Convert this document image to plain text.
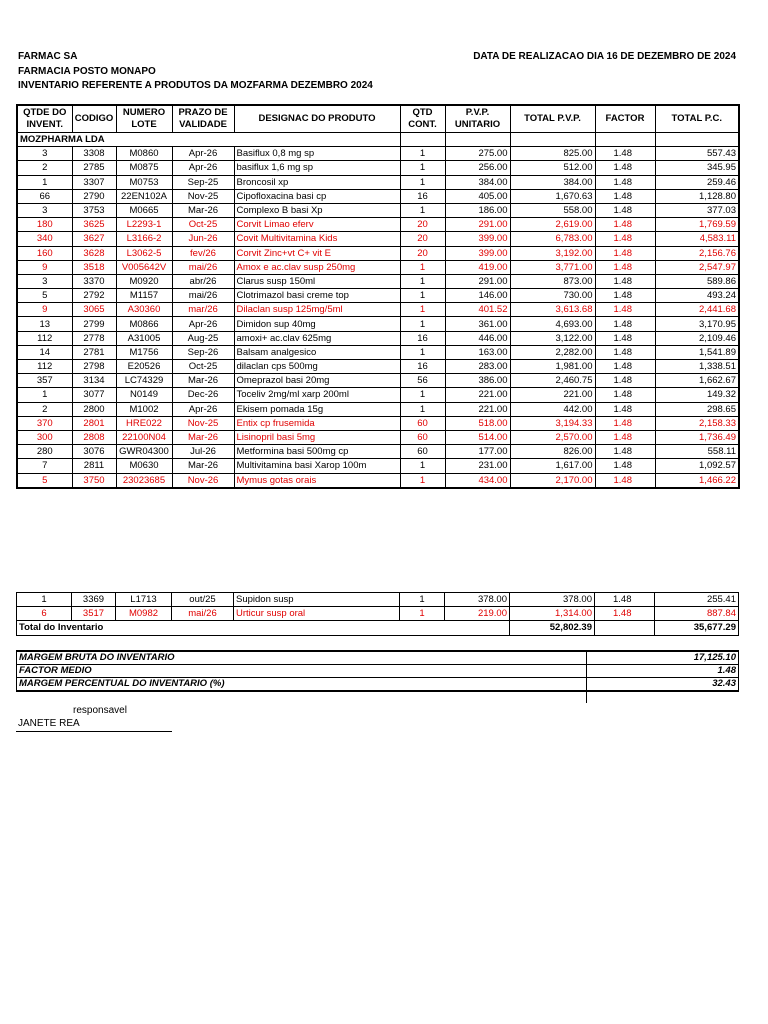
FARMAC SA
FARMACIA POSTO MONAPO
INVENTARIO REFERENTE A PRODUTOS DA MOZFARMA DEZEMBRO 2024
DATA DE REALIZACAO DIA 16 DE DEZEMBRO DE 2024
QTDE DO INVENT.	CODIGO	NUMERO LOTE	PRAZO DE VALIDADE	DESIGNAC DO PRODUTO	QTD CONT.	P.V.P. UNITARIO	TOTAL P.V.P.	FACTOR	TOTAL P.C.
MOZPHARMA LDA									
3	3308	M0860	Apr-26	Basiflux 0,8 mg sp	1	275.00	825.00	1.48	557.43
2	2785	M0875	Apr-26	basiflux 1,6 mg sp	1	256.00	512.00	1.48	345.95
1	3307	M0753	Sep-25	Broncosil xp	1	384.00	384.00	1.48	259.46
66	2790	22EN102A	Nov-25	Cipofloxacina basi cp	16	405.00	1,670.63	1.48	1,128.80
3	3753	M0665	Mar-26	Complexo B basi Xp	1	186.00	558.00	1.48	377.03
180	3625	L2293-1	Oct-25	Corvit Limao eferv	20	291.00	2,619.00	1.48	1,769.59
340	3627	L3166-2	Jun-26	Covit Multivitamina Kids	20	399.00	6,783.00	1.48	4,583.11
160	3628	L3062-5	fev/26	Corvit Zinc+vt C+ vit E	20	399.00	3,192.00	1.48	2,156.76
9	3518	V005642V	mai/26	Amox e ac.clav susp 250mg	1	419.00	3,771.00	1.48	2,547.97
3	3370	M0920	abr/26	Clarus susp 150ml	1	291.00	873.00	1.48	589.86
5	2792	M1157	mai/26	Clotrimazol basi creme top	1	146.00	730.00	1.48	493.24
9	3065	A30360	mar/26	Dilaclan susp 125mg/5ml	1	401.52	3,613.68	1.48	2,441.68
13	2799	M0866	Apr-26	Dimidon sup 40mg	1	361.00	4,693.00	1.48	3,170.95
112	2778	A31005	Aug-25	amoxi+ ac.clav 625mg	16	446.00	3,122.00	1.48	2,109.46
14	2781	M1756	Sep-26	Balsam analgesico	1	163.00	2,282.00	1.48	1,541.89
112	2798	E20526	Oct-25	dilaclan cps 500mg	16	283.00	1,981.00	1.48	1,338.51
357	3134	LC74329	Mar-26	Omeprazol basi 20mg	56	386.00	2,460.75	1.48	1,662.67
1	3077	N0149	Dec-26	Toceliv 2mg/ml xarp 200ml	1	221.00	221.00	1.48	149.32
2	2800	M1002	Apr-26	Ekisem pomada 15g	1	221.00	442.00	1.48	298.65
370	2801	HRE022	Nov-25	Entix cp frusemida	60	518.00	3,194.33	1.48	2,158.33
300	2808	22100N04	Mar-26	Lisinopril basi 5mg	60	514.00	2,570.00	1.48	1,736.49
280	3076	GWR04300	Jul-26	Metformina basi 500mg cp	60	177.00	826.00	1.48	558.11
7	2811	M0630	Mar-26	Multivitamina basi Xarop 100m	1	231.00	1,617.00	1.48	1,092.57
5	3750	23023685	Nov-26	Mymus gotas orais	1	434.00	2,170.00	1.48	1,466.22
1	3369	L1713	out/25	Supidon susp	1	378.00	378.00	1.48	255.41
6	3517	M0982	mai/26	Urticur susp oral	1	219.00	1,314.00	1.48	887.84
Total do Inventario							52,802.39		35,677.29
MARGEM BRUTA DO INVENTARIO	17,125.10
FACTOR MEDIO	1.48
MARGEM PERCENTUAL DO INVENTARIO (%)	32.43
responsavel
JANETE REA
